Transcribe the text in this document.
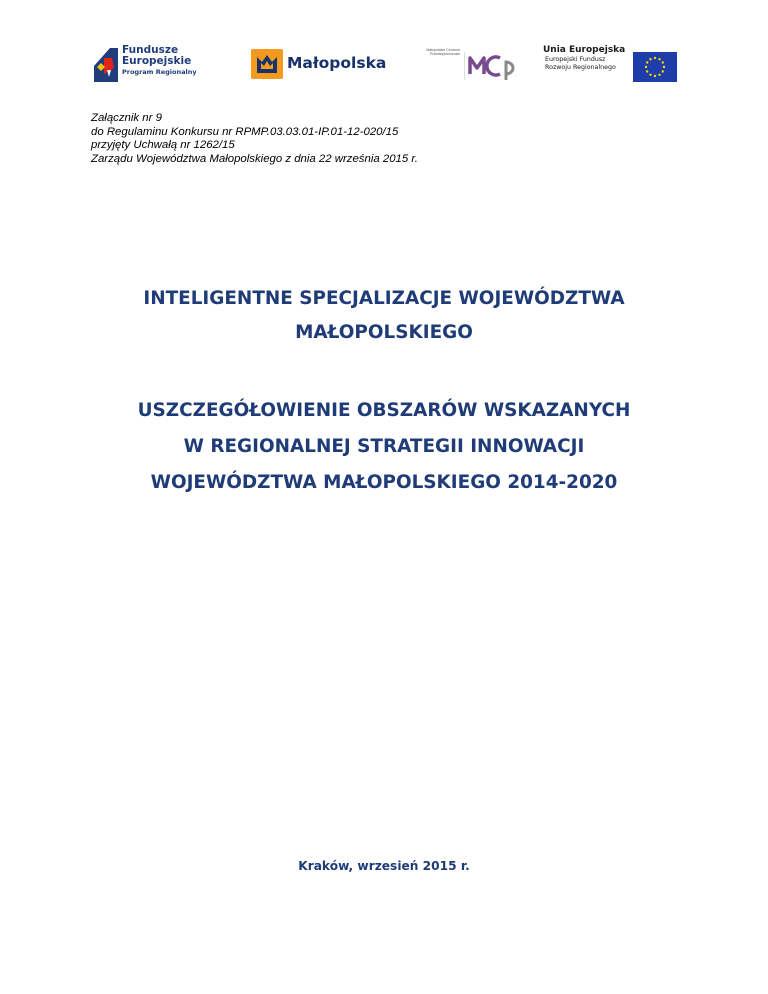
Fundusze
Europejskie
Program Regionalny	Małopolska
Małopolskie Centrum Przedsiębiorczości	Unia Europejska
Europejski Fundusz
Rozwoju Regionalnego
Załącznik nr 9
do Regulaminu Konkursu nr RPMP.03.03.01-IP.01-12-020/15
przyjęty Uchwałą nr 1262/15
Zarządu Województwa Małopolskiego z dnia 22 września 2015 r.
INTELIGENTNE SPECJALIZACJE WOJEWÓDZTWA
MAŁOPOLSKIEGO
USZCZEGÓŁOWIENIE OBSZARÓW WSKAZANYCH
W REGIONALNEJ STRATEGII INNOWACJI
WOJEWÓDZTWA MAŁOPOLSKIEGO 2014-2020
Kraków, wrzesień 2015 r.
